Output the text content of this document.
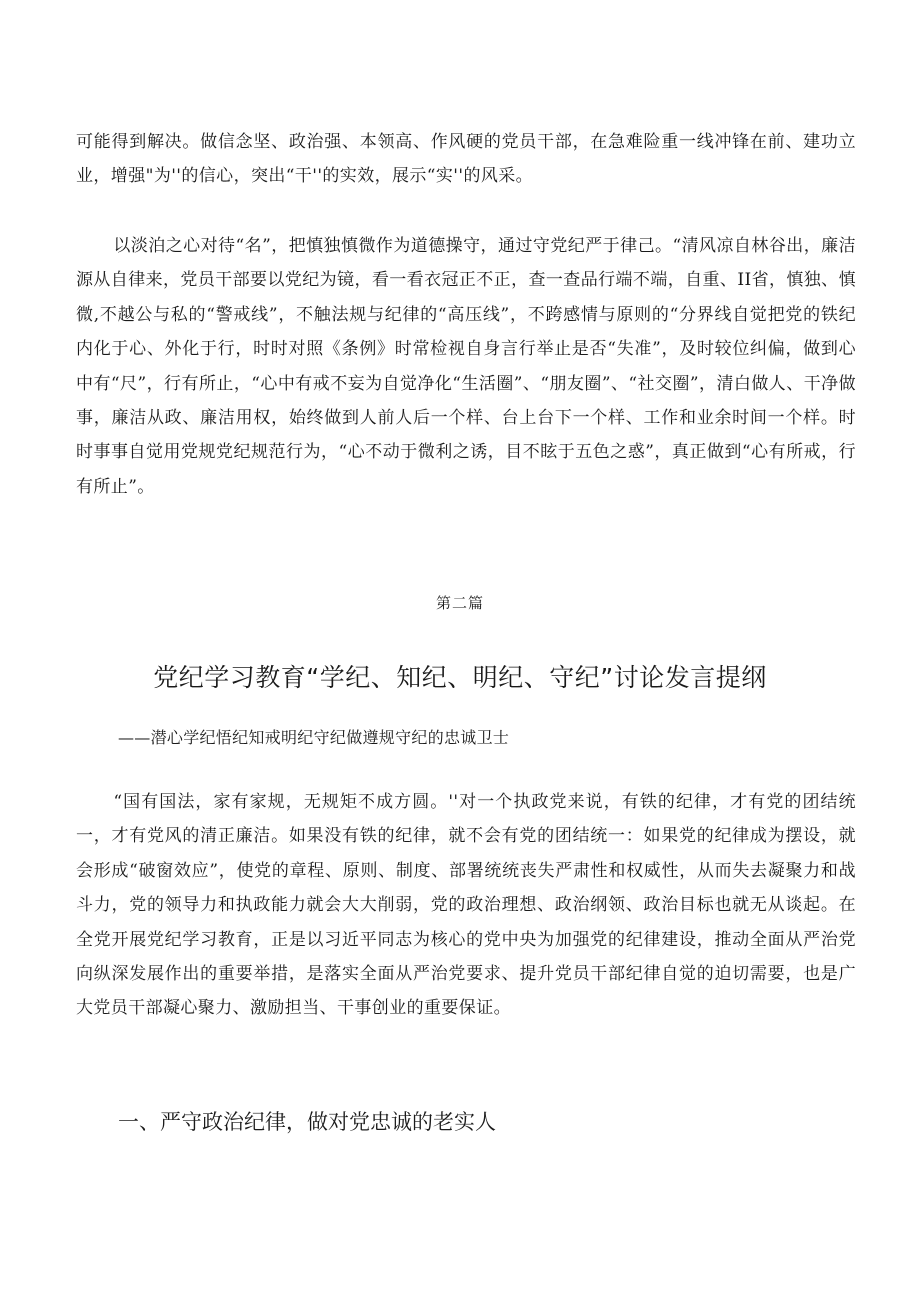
可能得到解决。做信念坚、政治强、本领高、作风硬的党员干部，在急难险重一线冲锋在前、建功立业，增强"为''的信心，突出“干''的实效，展示“实''的风采。

以淡泊之心对待“名”，把慎独慎微作为道德操守，通过守党纪严于律己。“清风凉自林谷出，廉洁源从自律来，党员干部要以党纪为镜，看一看衣冠正不正，查一查品行端不端，自重、II省，慎独、慎微,不越公与私的“警戒线”，不触法规与纪律的“高压线”，不跨感情与原则的“分界线自觉把党的铁纪内化于心、外化于行，时时对照《条例》时常检视自身言行举止是否“失准”，及时较位纠偏，做到心中有“尺”，行有所止，“心中有戒不妄为自觉净化“生活圈”、“朋友圈”、“社交圈”，清白做人、干净做事，廉洁从政、廉洁用权，始终做到人前人后一个样、台上台下一个样、工作和业余时间一个样。时时事事自觉用党规党纪规范行为，“心不动于微利之诱，目不眩于五色之惑”，真正做到“心有所戒，行有所止”。

第二篇

党纪学习教育“学纪、知纪、明纪、守纪”讨论发言提纲

——潜心学纪悟纪知戒明纪守纪做遵规守纪的忠诚卫士

“国有国法，家有家规，无规矩不成方圆。''对一个执政党来说，有铁的纪律，才有党的团结统一，才有党风的清正廉洁。如果没有铁的纪律，就不会有党的团结统一：如果党的纪律成为摆设，就会形成“破窗效应”，使党的章程、原则、制度、部署统统丧失严肃性和权威性，从而失去凝聚力和战斗力，党的领导力和执政能力就会大大削弱，党的政治理想、政治纲领、政治目标也就无从谈起。在全党开展党纪学习教育，正是以习近平同志为核心的党中央为加强党的纪律建设，推动全面从严治党向纵深发展作出的重要举措，是落实全面从严治党要求、提升党员干部纪律自觉的迫切需要，也是广大党员干部凝心聚力、激励担当、干事创业的重要保证。

一、严守政治纪律，做对党忠诚的老实人
